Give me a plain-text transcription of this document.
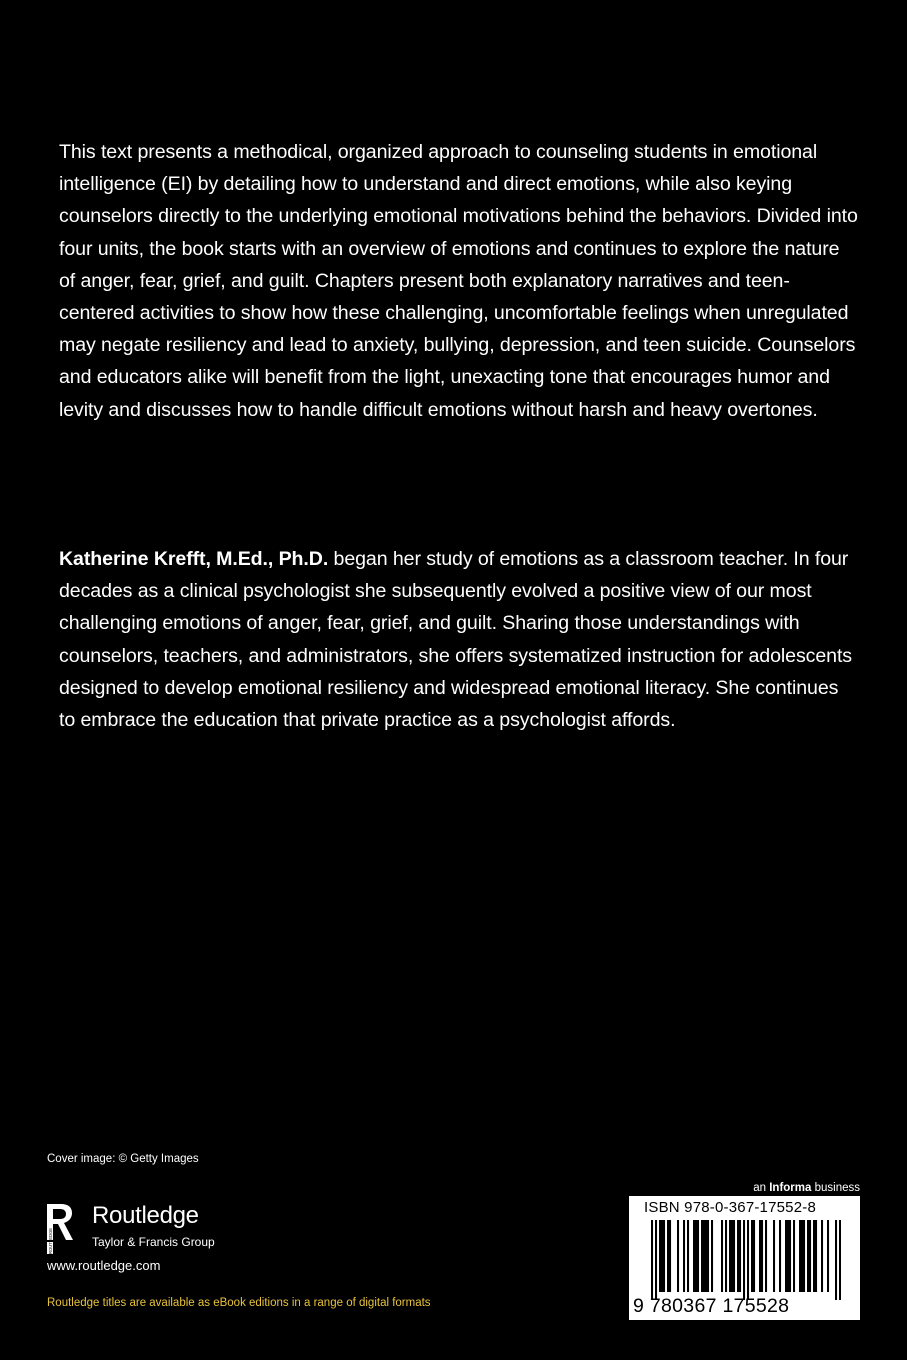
This text presents a methodical, organized approach to counseling students in emotional intelligence (EI) by detailing how to understand and direct emotions, while also keying counselors directly to the underlying emotional motivations behind the behaviors. Divided into four units, the book starts with an overview of emotions and continues to explore the nature of anger, fear, grief, and guilt. Chapters present both explanatory narratives and teen-centered activities to show how these challenging, uncomfortable feelings when unregulated may negate resiliency and lead to anxiety, bullying, depression, and teen suicide. Counselors and educators alike will benefit from the light, unexacting tone that encourages humor and levity and discusses how to handle difficult emotions without harsh and heavy overtones.

Katherine Krefft, M.Ed., Ph.D. began her study of emotions as a classroom teacher. In four decades as a clinical psychologist she subsequently evolved a positive view of our most challenging emotions of anger, fear, grief, and guilt. Sharing those understandings with counselors, teachers, and administrators, she offers systematized instruction for adolescents designed to develop emotional resiliency and widespread emotional literacy. She continues to embrace the education that private practice as a psychologist affords.

Cover image: © Getty Images
ROUTLEDGE
Routledge
Taylor & Francis Group
www.routledge.com
Routledge titles are available as eBook editions in a range of digital formats
an Informa business
ISBN 978-0-367-17552-8
9 780367 175528
